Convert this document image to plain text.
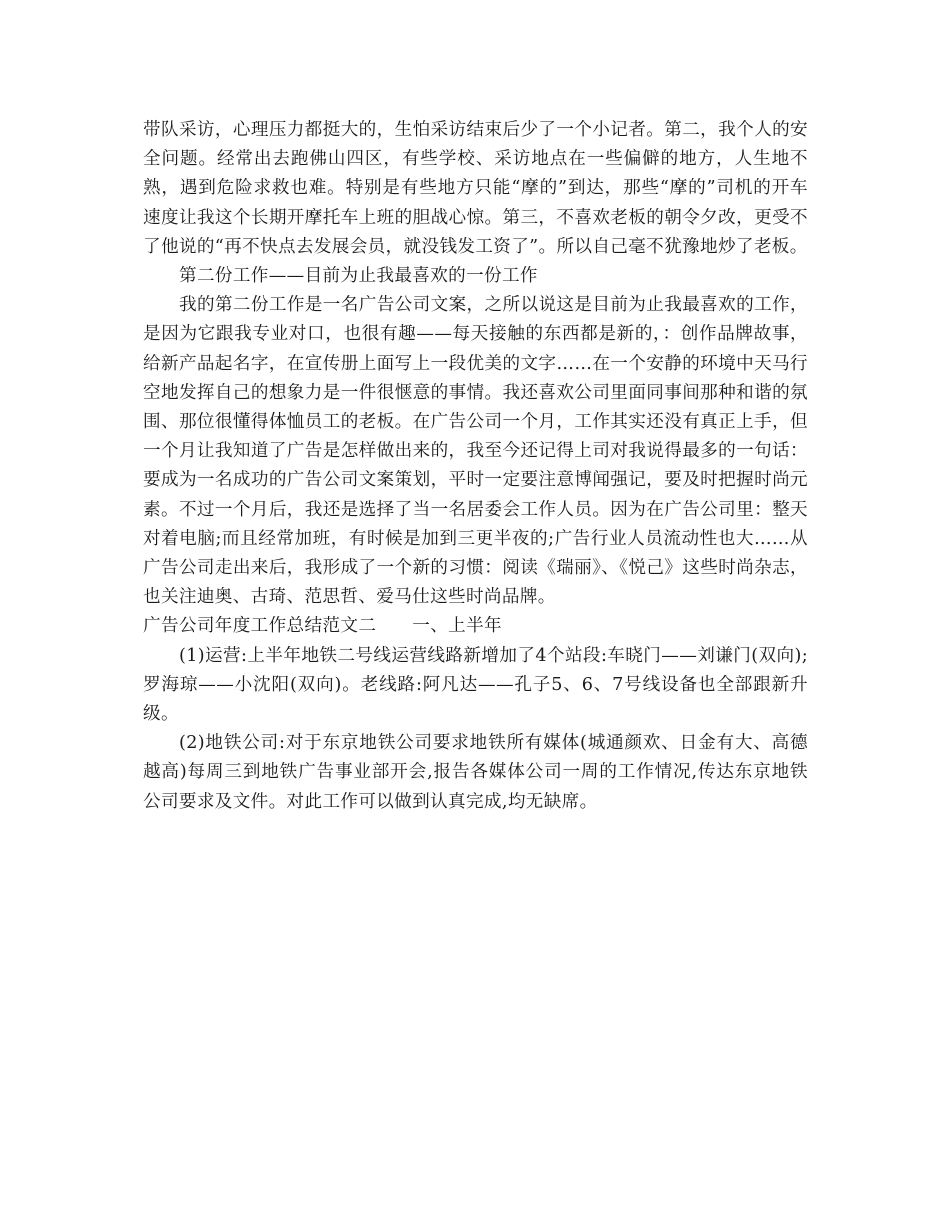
带队采访，心理压力都挺大的，生怕采访结束后少了一个小记者。第二，我个人的安全问题。经常出去跑佛山四区，有些学校、采访地点在一些偏僻的地方，人生地不熟，遇到危险求救也难。特别是有些地方只能“摩的”到达，那些“摩的”司机的开车速度让我这个长期开摩托车上班的胆战心惊。第三，不喜欢老板的朝令夕改，更受不了他说的“再不快点去发展会员，就没钱发工资了”。所以自己毫不犹豫地炒了老板。

第二份工作——目前为止我最喜欢的一份工作

我的第二份工作是一名广告公司文案，之所以说这是目前为止我最喜欢的工作，是因为它跟我专业对口，也很有趣——每天接触的东西都是新的，：创作品牌故事，给新产品起名字，在宣传册上面写上一段优美的文字……在一个安静的环境中天马行空地发挥自己的想象力是一件很惬意的事情。我还喜欢公司里面同事间那种和谐的氛围、那位很懂得体恤员工的老板。在广告公司一个月，工作其实还没有真正上手，但一个月让我知道了广告是怎样做出来的，我至今还记得上司对我说得最多的一句话：要成为一名成功的广告公司文案策划，平时一定要注意博闻强记，要及时把握时尚元素。不过一个月后，我还是选择了当一名居委会工作人员。因为在广告公司里：整天对着电脑;而且经常加班，有时候是加到三更半夜的;广告行业人员流动性也大……从广告公司走出来后，我形成了一个新的习惯：阅读《瑞丽》、《悦己》这些时尚杂志，也关注迪奥、古琦、范思哲、爱马仕这些时尚品牌。

广告公司年度工作总结范文二 一、上半年

(1)运营:上半年地铁二号线运营线路新增加了4个站段:车晓门——刘谦门(双向);罗海琼——小沈阳(双向)。老线路:阿凡达——孔子5、6、7号线设备也全部跟新升级。

(2)地铁公司:对于东京地铁公司要求地铁所有媒体(城通颜欢、日金有大、高德越高)每周三到地铁广告事业部开会,报告各媒体公司一周的工作情况,传达东京地铁公司要求及文件。对此工作可以做到认真完成,均无缺席。
